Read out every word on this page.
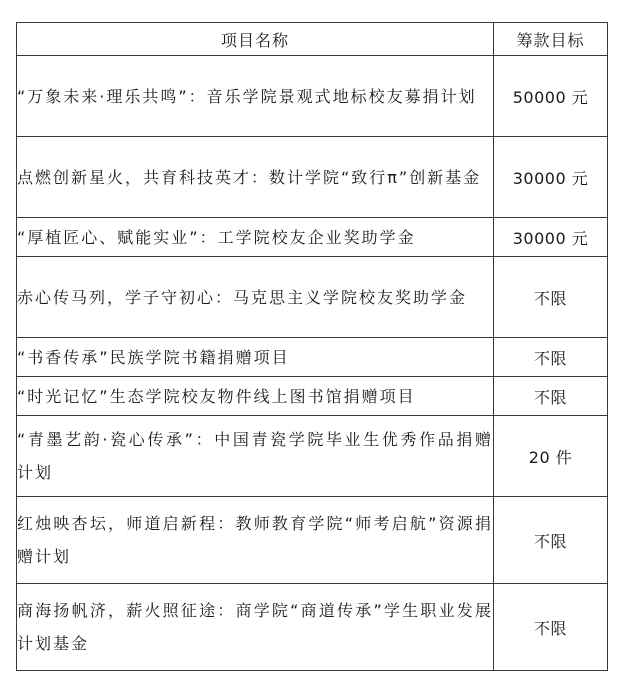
项目名称	筹款目标
“万象未来·理乐共鸣”：音乐学院景观式地标校友募捐计划	50000 元
点燃创新星火，共育科技英才：数计学院“致行π”创新基金	30000 元
“厚植匠心、赋能实业”：工学院校友企业奖助学金	30000 元
赤心传马列，学子守初心：马克思主义学院校友奖助学金	不限
“书香传承”民族学院书籍捐赠项目	不限
“时光记忆”生态学院校友物件线上图书馆捐赠项目	不限
“青墨艺韵·瓷心传承”：中国青瓷学院毕业生优秀作品捐赠计划	20 件
红烛映杏坛，师道启新程：教师教育学院“师考启航”资源捐赠计划	不限
商海扬帆济，薪火照征途：商学院“商道传承”学生职业发展计划基金	不限
